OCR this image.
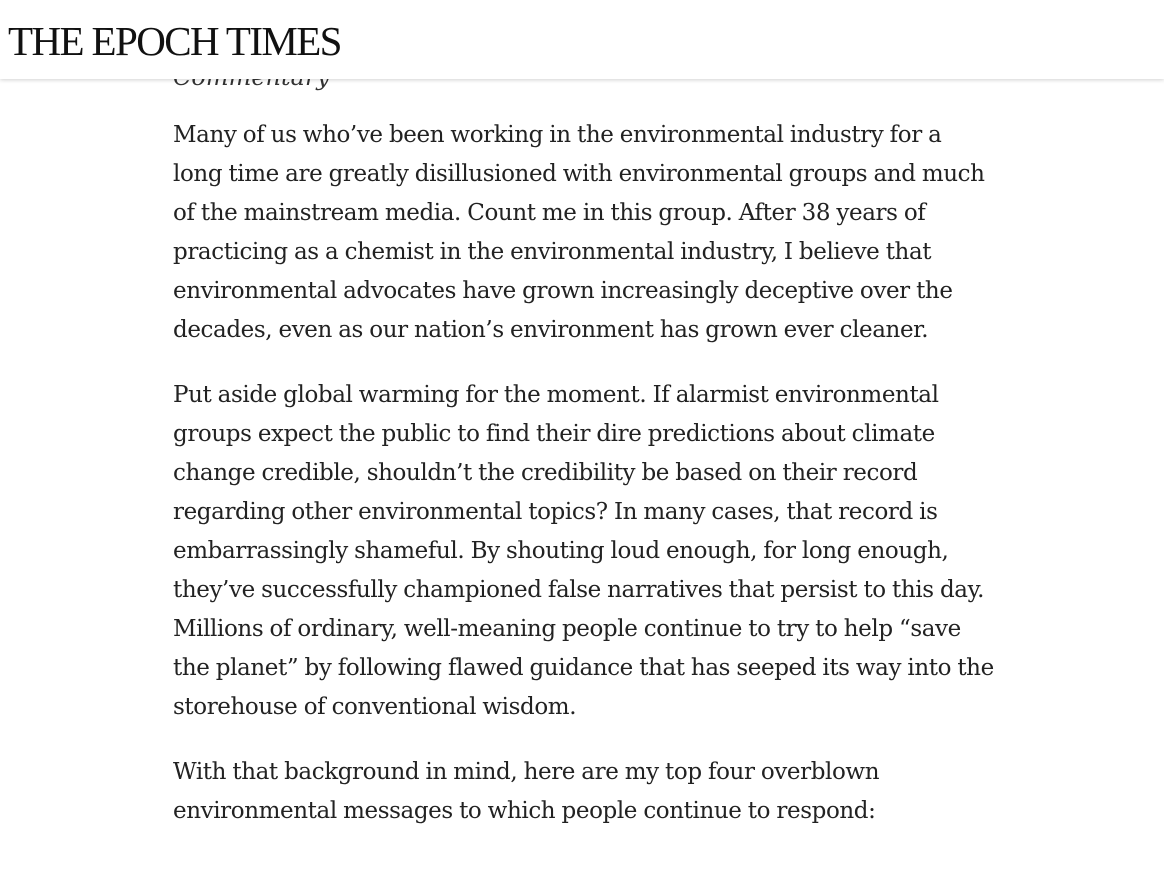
THE EPOCH TIMES

Many of us who’ve been working in the environmental industry for a
long time are greatly disillusioned with environmental groups and much
of the mainstream media. Count me in this group. After 38 years of
practicing as a chemist in the environmental industry, I believe that
environmental advocates have grown increasingly deceptive over the
decades, even as our nation’s environment has grown ever cleaner.

Put aside global warming for the moment. If alarmist environmental
groups expect the public to find their dire predictions about climate
change credible, shouldn’t the credibility be based on their record
regarding other environmental topics? In many cases, that record is
embarrassingly shameful. By shouting loud enough, for long enough,
they’ve successfully championed false narratives that persist to this day.
Millions of ordinary, well-meaning people continue to try to help “save
the planet” by following flawed guidance that has seeped its way into the
storehouse of conventional wisdom.

With that background in mind, here are my top four overblown
environmental messages to which people continue to respond:
